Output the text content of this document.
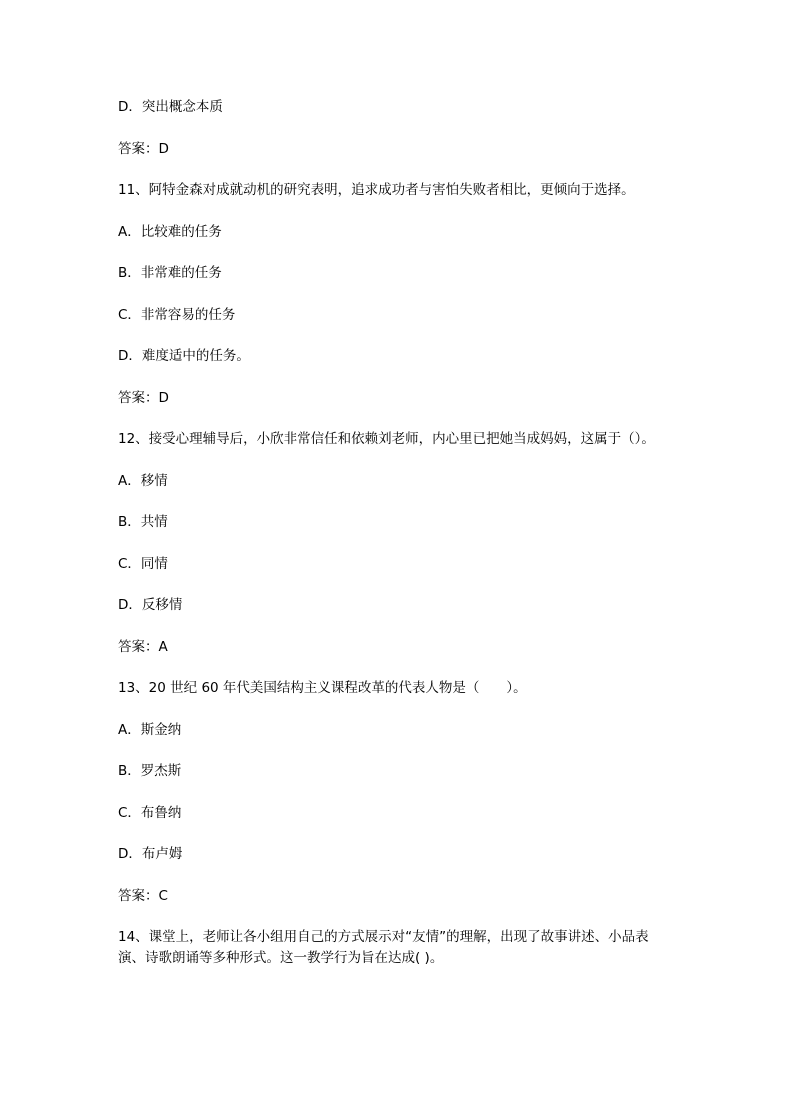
D．突出概念本质

答案：D

11、阿特金森对成就动机的研究表明，追求成功者与害怕失败者相比，更倾向于选择。

A．比较难的任务

B．非常难的任务

C．非常容易的任务

D．难度适中的任务。

答案：D

12、接受心理辅导后，小欣非常信任和依赖刘老师，内心里已把她当成妈妈，这属于（）。

A．移情

B．共情

C．同情

D．反移情

答案：A

13、20 世纪 60 年代美国结构主义课程改革的代表人物是（　　）。

A．斯金纳

B．罗杰斯

C．布鲁纳

D．布卢姆

答案：C

14、课堂上，老师让各小组用自己的方式展示对“友情”的理解，出现了故事讲述、小品表演、诗歌朗诵等多种形式。这一教学行为旨在达成( )。
